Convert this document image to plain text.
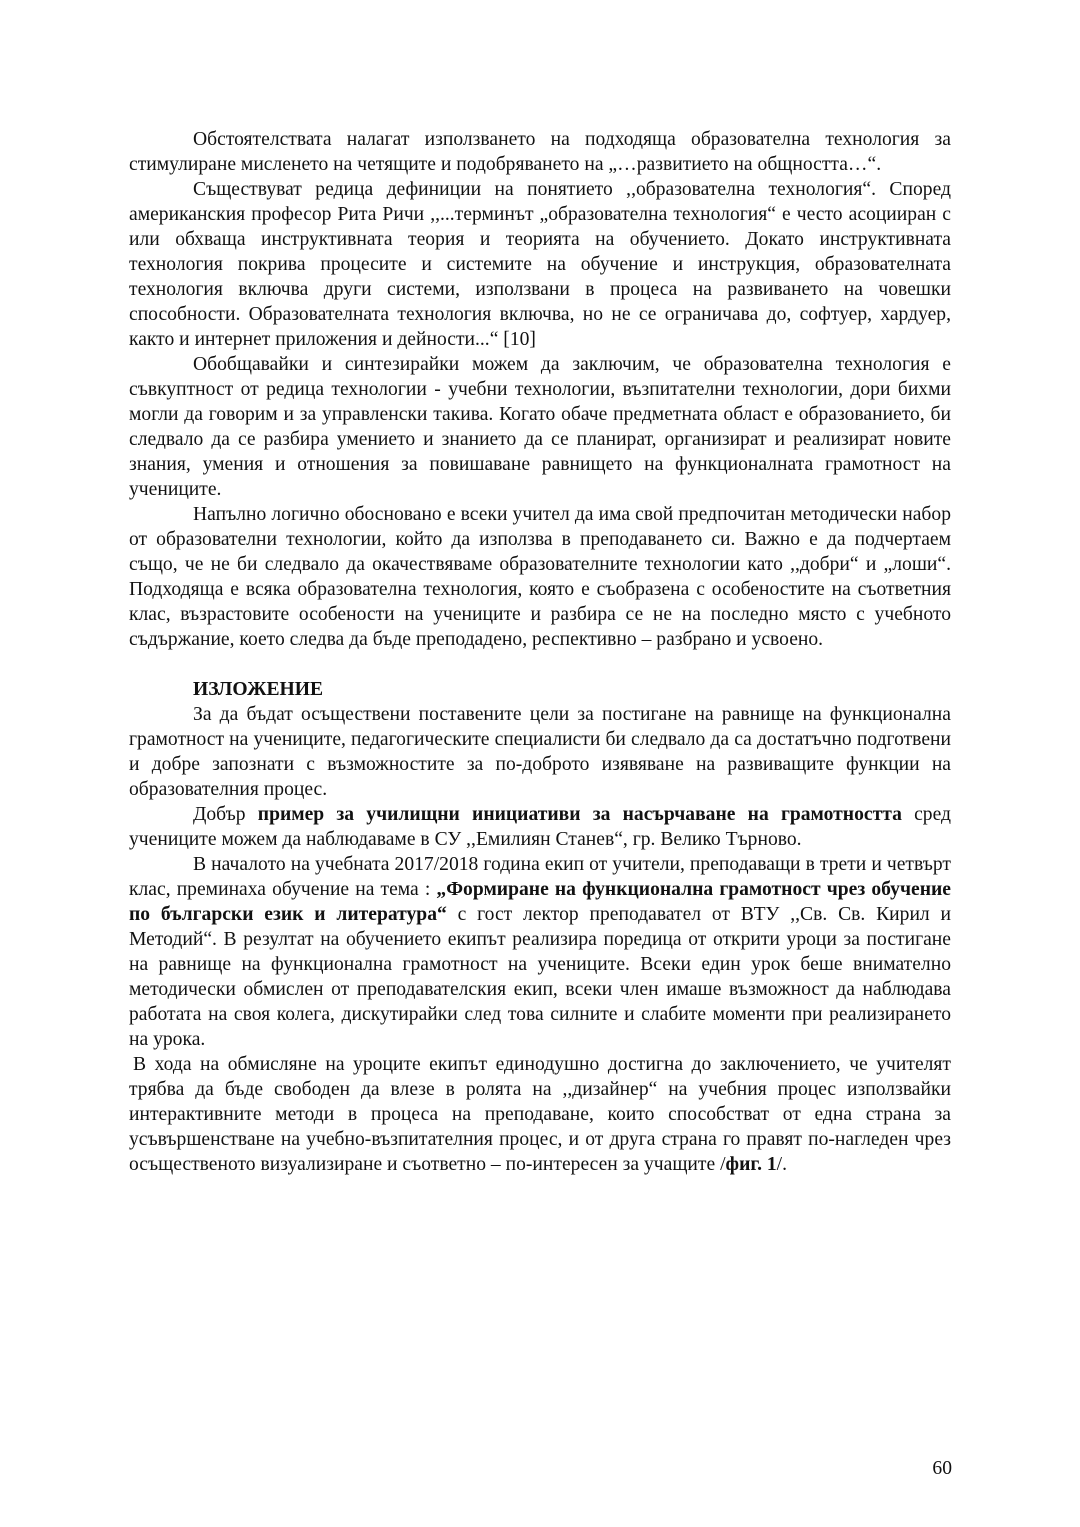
Обстоятелствата налагат използването на подходяща образователна технология за стимулиране мисленето на четящите и подобряването на „…развитието на общността…“.

Съществуват редица дефиниции на понятието ,,образователна технология“. Според американския професор Рита Ричи ,,...терминът „образователна технология“ е често асоцииран с или обхваща инструктивната теория и теорията на обучението. Докато инструктивната технология покрива процесите и системите на обучение и инструкция, образователната технология включва други системи, използвани в процеса на развиването на човешки способности. Образователната технология включва, но не се ограничава до, софтуер, хардуер, както и интернет приложения и дейности...“ [10]

Обобщавайки и синтезирайки можем да заключим, че образователна технология е съвкуптност от редица технологии - учебни технологии, възпитателни технологии, дори бихми могли да говорим и за управленски такива. Когато обаче предметната област е образованието, би следвало да се разбира умението и знанието да се планират, организират и реализират новите знания, умения и отношения за повишаване равнището на функционалната грамотност на учениците.

Напълно логично обосновано е всеки учител да има свой предпочитан методически набор от образователни технологии, който да използва в преподаването си. Важно е да подчертаем също, че не би следвало да окачествяваме образователните технологии като ,,добри“ и „лоши“. Подходяща е всяка образователна технология, която е съобразена с особеностите на съответния клас, възрастовите особености на учениците и разбира се не на последно място с учебното съдържание, което следва да бъде преподадено, респективно – разбрано и усвоено.

ИЗЛОЖЕНИЕ

За да бъдат осъществени поставените цели за постигане на равнище на функционална грамотност на учениците, педагогическите специалисти би следвало да са достатъчно подготвени и добре запознати с възможностите за по-доброто изявяване на развиващите функции на образователния процес.

Добър пример за училищни инициативи за насърчаване на грамотността сред учениците можем да наблюдаваме в СУ ,,Емилиян Станев“, гр. Велико Търново.

В началото на учебната 2017/2018 година екип от учители, преподаващи в трети и четвърт клас, преминаха обучение на тема : „Формиране на функционална грамотност чрез обучение по български език и литература“ с гост лектор преподавател от ВТУ ,,Св. Св. Кирил и Методий“. В резултат на обучението екипът реализира поредица от открити уроци за постигане на равнище на функционална грамотност на учениците. Всеки един урок беше внимателно методически обмислен от преподавателския екип, всеки член имаше възможност да наблюдава работата на своя колега, дискутирайки след това силните и слабите моменти при реализирането на урока.

В хода на обмисляне на уроците екипът единодушно достигна до заключението, че учителят трябва да бъде свободен да влезе в ролята на ,,дизайнер“ на учебния процес използвайки интерактивните методи в процеса на преподаване, които способстват от една страна за усъвършенстване на учебно-възпитателния процес, и от друга страна го правят по-нагледен чрез осъщественото визуализиране и съответно – по-интересен за учащите /фиг. 1/.

60
